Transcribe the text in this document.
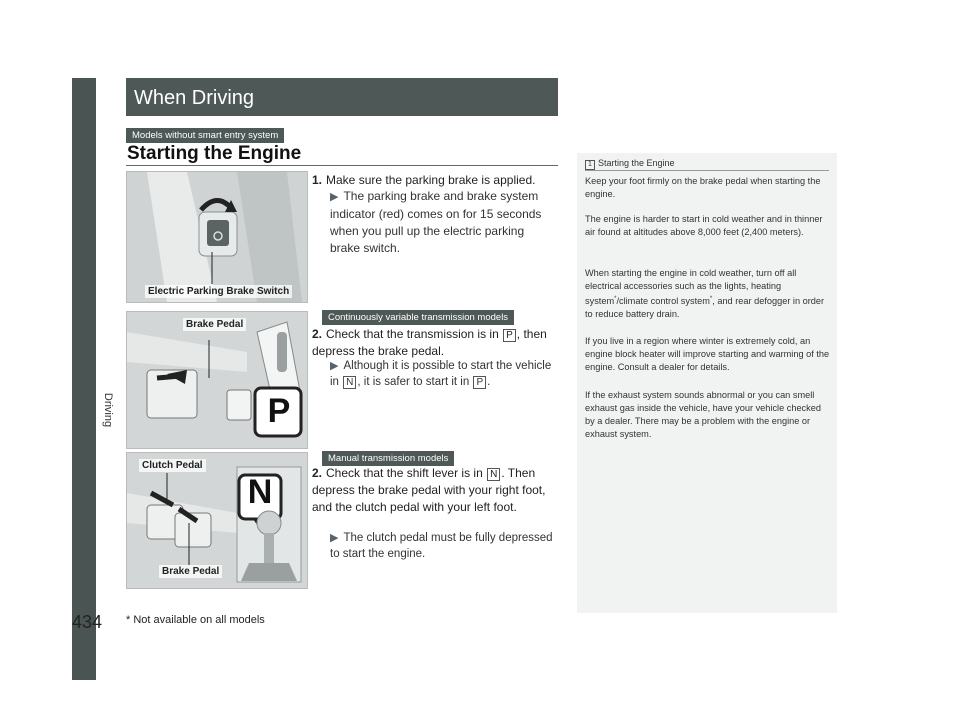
Driving
When Driving
Models without smart entry system
Starting the Engine
Electric Parking Brake Switch
1. Make sure the parking brake is applied.
▶ The parking brake and brake system indicator (red) comes on for 15 seconds when you pull up the electric parking brake switch.
Continuously variable transmission models
Brake Pedal
P
2. Check that the transmission is in P , then depress the brake pedal.
▶ Although it is possible to start the vehicle in N , it is safer to start it in P .
Manual transmission models
Clutch Pedal
Brake Pedal
N	2. Check that the shift lever is in N . Then depress the brake pedal with your right foot, and the clutch pedal with your left foot.
▶ The clutch pedal must be fully depressed to start the engine.
1 Starting the Engine
Keep your foot firmly on the brake pedal when starting the engine.
The engine is harder to start in cold weather and in thinner air found at altitudes above 8,000 feet (2,400 meters).
When starting the engine in cold weather, turn off all electrical accessories such as the lights, heating system*/climate control system*, and rear defogger in order to reduce battery drain.
If you live in a region where winter is extremely cold, an engine block heater will improve starting and warming of the engine. Consult a dealer for details.
If the exhaust system sounds abnormal or you can smell exhaust gas inside the vehicle, have your vehicle checked by a dealer. There may be a problem with the engine or exhaust system.
434 * Not available on all models
